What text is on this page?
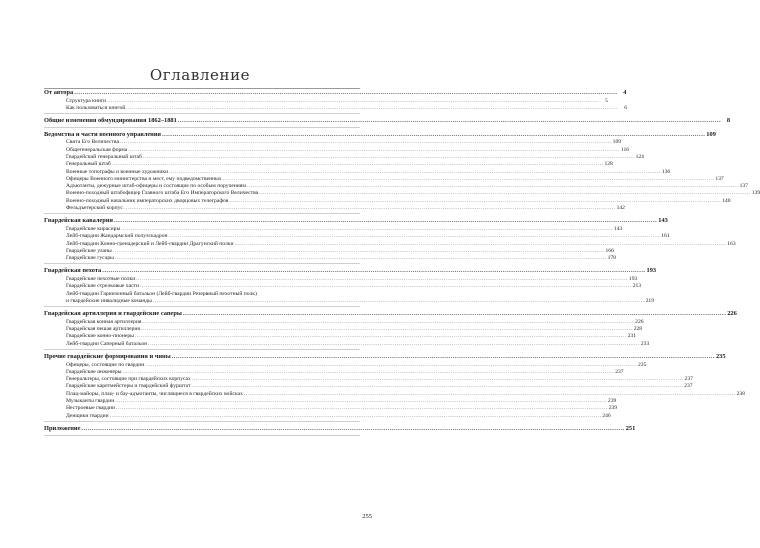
Оглавление
От автора .....	4
Структура книги .....	5
Как пользоваться книгой .....	6
Общие изменения обмундирования 1862–1881 .....	8
Ведомства и части военного управления .....	109
Свита Его Величества .....	109
Общегенеральская форма .....	116
Гвардейский генеральный штаб .....	124
Генеральный штаб .....	128
Военные топографы и военные художники .....	136
Офицеры Военного министерства и мест, ему подведомственных .....	137
Адъютанты, дежурные штаб-офицеры и состоящие по особым поручениям .....	137
Военно-походный штабофицер Главного штаба Его Императорского Величества .....	139
Военно-походный начальник императорских дворцовых телеграфов .....	140
Фельдъегерский корпус .....	142
Гвардейская кавалерия .....	143
Гвардейские кирасиры .....	143
Лейб-гвардии Жандармский полуэскадрон .....	161
Лейб-гвардии Конно-гренадерский и Лейб-гвардии Драгунский полки .....	163
Гвардейские уланы .....	166
Гвардейские гусары .....	178
Гвардейская пехота .....	193
Гвардейские пехотные полки .....	193
Гвардейские стрелковые части .....	213
Лейб-гвардии Гарнизонный батальон (Лейб-гвардии Резервный пехотный полк)
и гвардейские инвалидные команды .....	219
Гвардейская артиллерия и гвардейские саперы .....	226
Гвардейская конная артиллерия .....	226
Гвардейская пешая артиллерия .....	228
Гвардейские конно-пионеры .....	231
Лейб-гвардии Саперный батальон .....	233
Прочие гвардейские формирования и чины .....	235
Офицеры, состоящие по гвардии .....	235
Гвардейские инженеры .....	237
Генеральтеры, состоящие при гвардейских корпусах .....	237
Гвардейские каретмейстеры и гвардейский фурштат .....	237
Плац-майоры, плац- и бау-адъютанты, числящиеся в гвардейских войсках .....	238
Музыканты гвардии .....	239
Нестроевые гвардии .....	239
Денщики гвардии .....	246
Приложение .....	251
255
